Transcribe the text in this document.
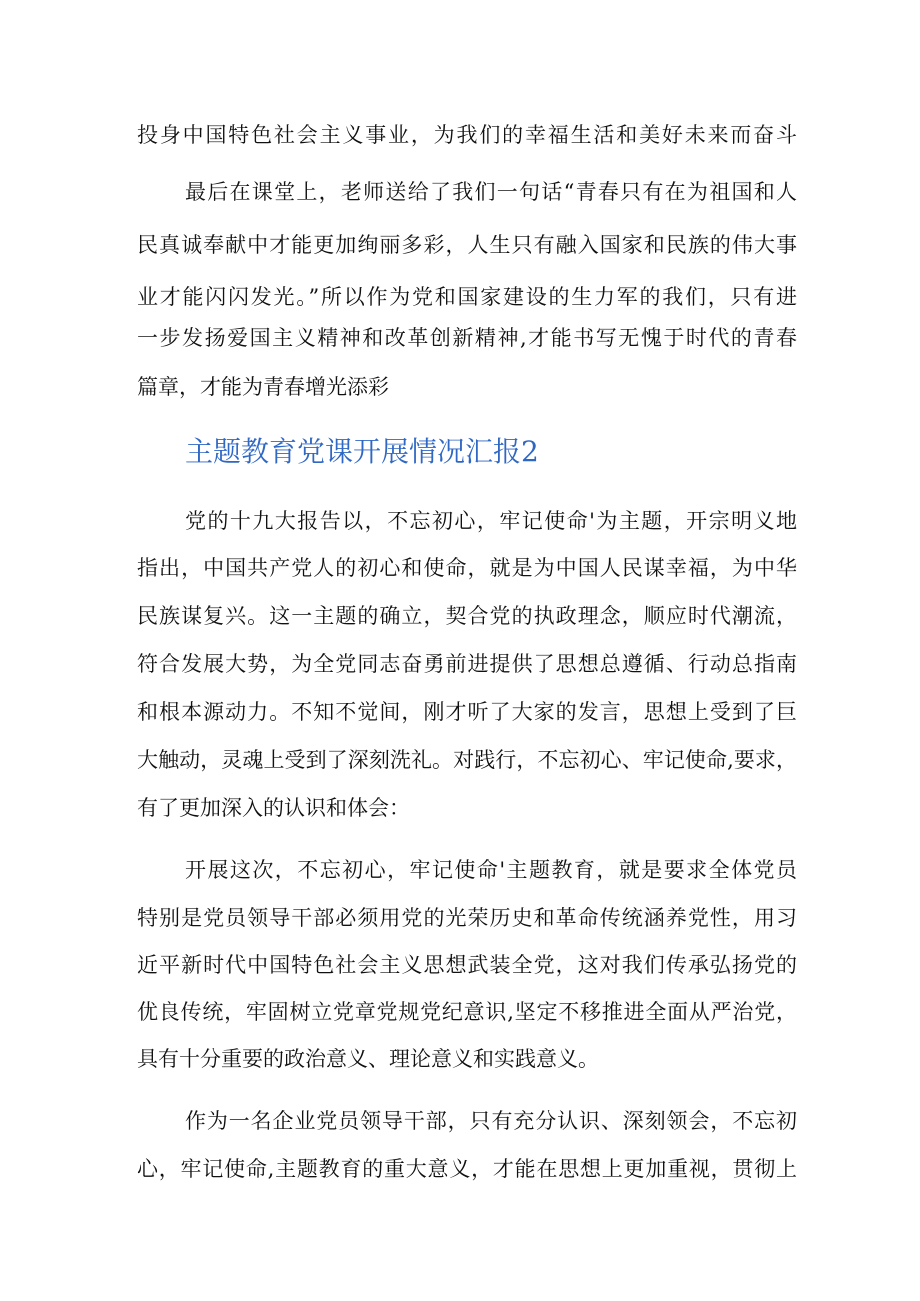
投身中国特色社会主义事业，为我们的幸福生活和美好未来而奋斗
最后在课堂上，老师送给了我们一句话“青春只有在为祖国和人
民真诚奉献中才能更加绚丽多彩，人生只有融入国家和民族的伟大事
业才能闪闪发光。”所以作为党和国家建设的生力军的我们，只有进
一步发扬爱国主义精神和改革创新精神,才能书写无愧于时代的青春
篇章，才能为青春增光添彩
主题教育党课开展情况汇报2
党的十九大报告以，不忘初心，牢记使命'为主题，开宗明义地
指出，中国共产党人的初心和使命，就是为中国人民谋幸福，为中华
民族谋复兴。这一主题的确立，契合党的执政理念，顺应时代潮流，
符合发展大势，为全党同志奋勇前进提供了思想总遵循、行动总指南
和根本源动力。不知不觉间，刚才听了大家的发言，思想上受到了巨
大触动，灵魂上受到了深刻洗礼。对践行，不忘初心、牢记使命,要求，
有了更加深入的认识和体会：
开展这次，不忘初心，牢记使命'主题教育，就是要求全体党员
特别是党员领导干部必须用党的光荣历史和革命传统涵养党性，用习
近平新时代中国特色社会主义思想武装全党，这对我们传承弘扬党的
优良传统，牢固树立党章党规党纪意识,坚定不移推进全面从严治党，
具有十分重要的政治意义、理论意义和实践意义。
作为一名企业党员领导干部，只有充分认识、深刻领会，不忘初
心，牢记使命,主题教育的重大意义，才能在思想上更加重视，贯彻上
